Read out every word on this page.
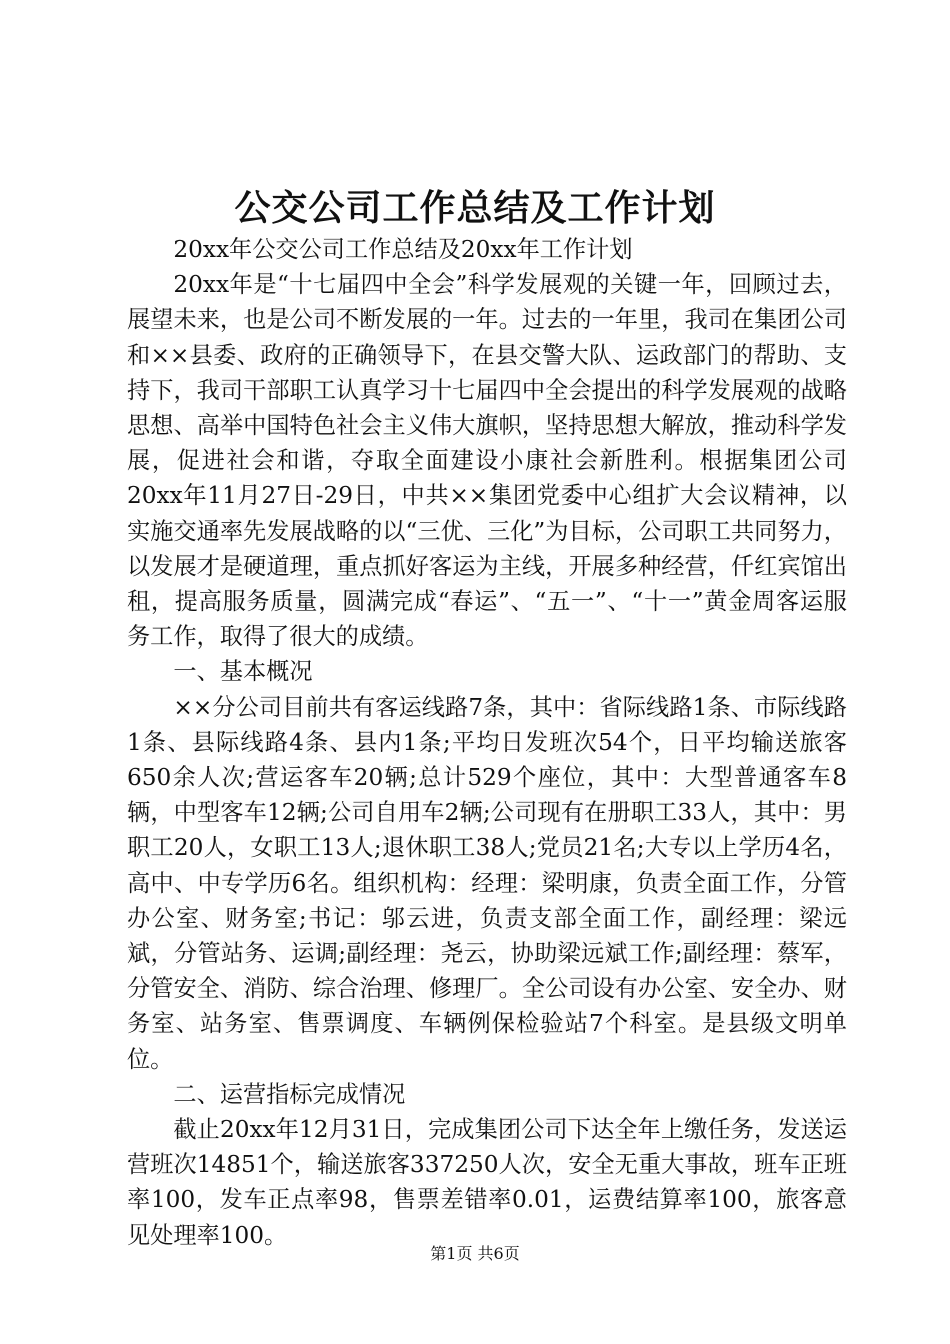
公交公司工作总结及工作计划

20xx年公交公司工作总结及20xx年工作计划

20xx年是“十七届四中全会”科学发展观的关键一年，回顾过去，展望未来，也是公司不断发展的一年。过去的一年里，我司在集团公司和××县委、政府的正确领导下，在县交警大队、运政部门的帮助、支持下，我司干部职工认真学习十七届四中全会提出的科学发展观的战略思想、高举中国特色社会主义伟大旗帜，坚持思想大解放，推动科学发展，促进社会和谐，夺取全面建设小康社会新胜利。根据集团公司20xx年11月27日-29日，中共××集团党委中心组扩大会议精神，以实施交通率先发展战略的以“三优、三化”为目标，公司职工共同努力，以发展才是硬道理，重点抓好客运为主线，开展多种经营，仟红宾馆出租，提高服务质量，圆满完成“春运”、“五一”、“十一”黄金周客运服务工作，取得了很大的成绩。

一、基本概况

××分公司目前共有客运线路7条，其中：省际线路1条、市际线路1条、县际线路4条、县内1条;平均日发班次54个，日平均输送旅客650余人次;营运客车20辆;总计529个座位，其中：大型普通客车8辆，中型客车12辆;公司自用车2辆;公司现有在册职工33人，其中：男职工20人，女职工13人;退休职工38人;党员21名;大专以上学历4名，高中、中专学历6名。组织机构：经理：梁明康，负责全面工作，分管办公室、财务室;书记：邬云进，负责支部全面工作，副经理：梁远斌，分管站务、运调;副经理：尧云，协助梁远斌工作;副经理：蔡军，分管安全、消防、综合治理、修理厂。全公司设有办公室、安全办、财务室、站务室、售票调度、车辆例保检验站7个科室。是县级文明单位。

二、运营指标完成情况

截止20xx年12月31日，完成集团公司下达全年上缴任务，发送运营班次14851个，输送旅客337250人次，安全无重大事故，班车正班率100，发车正点率98，售票差错率0.01，运费结算率100，旅客意见处理率100。

第1页 共6页
